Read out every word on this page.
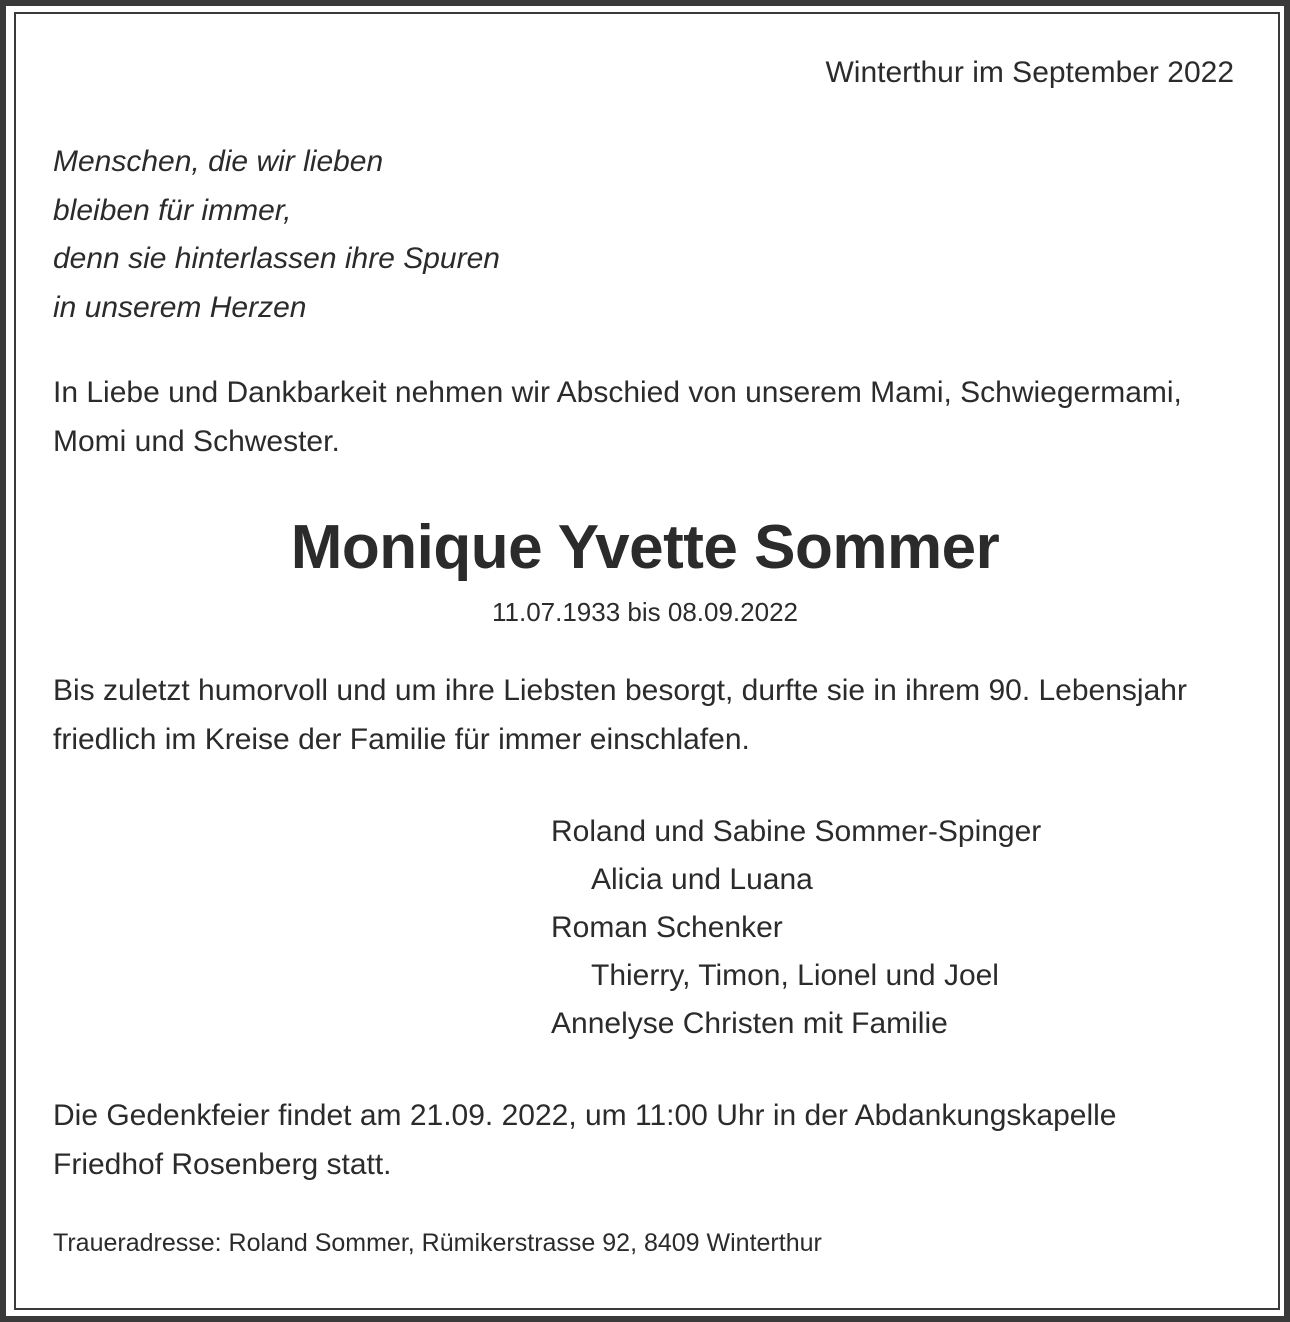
Winterthur im September 2022
Menschen, die wir lieben
bleiben für immer,
denn sie hinterlassen ihre Spuren
in unserem Herzen
In Liebe und Dankbarkeit nehmen wir Abschied von unserem Mami, Schwiegermami,
Momi und Schwester.
Monique Yvette Sommer
11.07.1933 bis 08.09.2022
Bis zuletzt humorvoll und um ihre Liebsten besorgt, durfte sie in ihrem 90. Lebensjahr
friedlich im Kreise der Familie für immer einschlafen.
Roland und Sabine Sommer-Spinger
Alicia und Luana
Roman Schenker
Thierry, Timon, Lionel und Joel
Annelyse Christen mit Familie
Die Gedenkfeier findet am 21.09. 2022, um 11:00 Uhr in der Abdankungskapelle
Friedhof Rosenberg statt.
Traueradresse: Roland Sommer, Rümikerstrasse 92, 8409 Winterthur
